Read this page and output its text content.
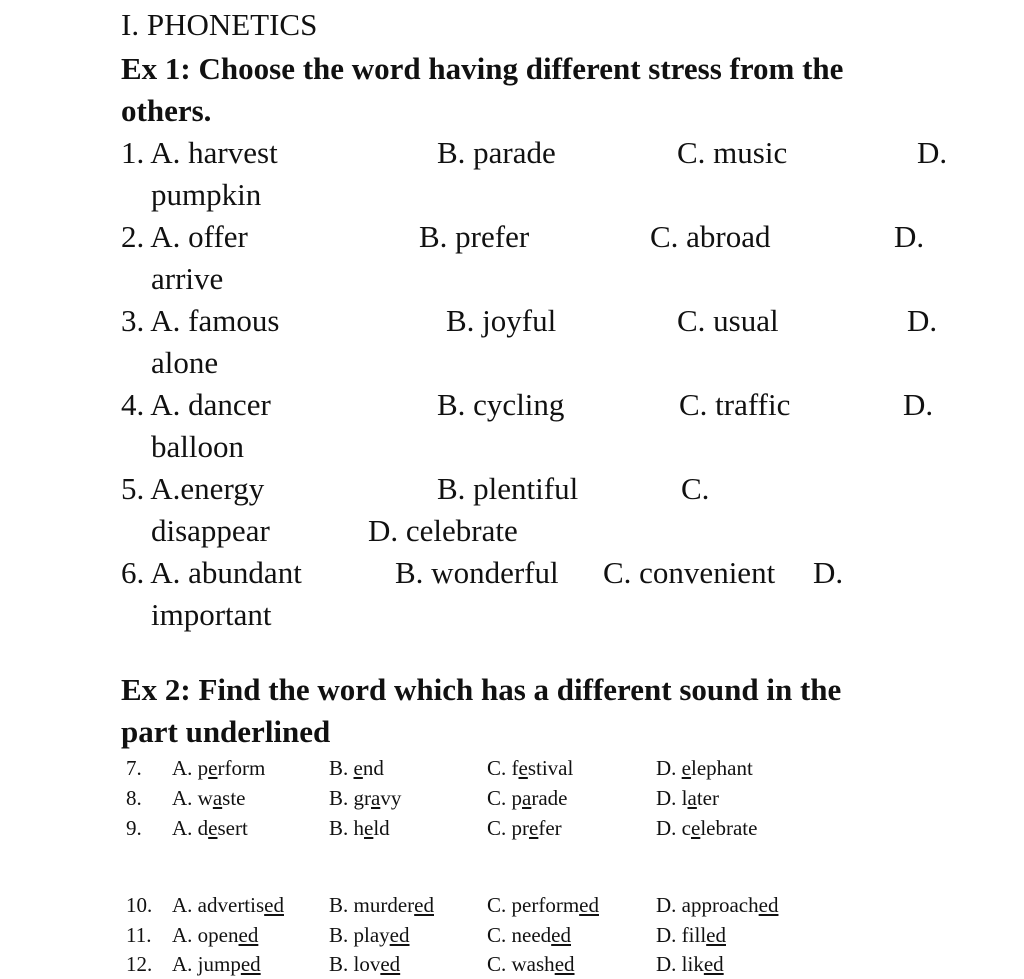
I. PHONETICS
Ex 1: Choose the word having different stress from the
others.
1. A. harvest	B. parade	C. music	D.
pumpkin
2. A. offer	B. prefer	C. abroad	D.
arrive
3. A. famous	B. joyful	C. usual	D.
alone
4. A. dancer	B. cycling	C. traffic	D.
balloon
5. A.energy	B. plentiful	C.
disappear	D. celebrate
6. A. abundant	B. wonderful C. convenient D.
important
Ex 2: Find the word which has a different sound in the
part underlined
7. A. perform	B. end	C. festival	D. elephant
8. A. waste	B. gravy	C. parade	D. later
9. A. desert	B. held	C. prefer	D. celebrate
10. A. advertised B. murdered	C. performed	D. approached
11. A. opened	B. played	C. needed	D. filled
12. A. jumped	B. loved	C. washed	D. liked
